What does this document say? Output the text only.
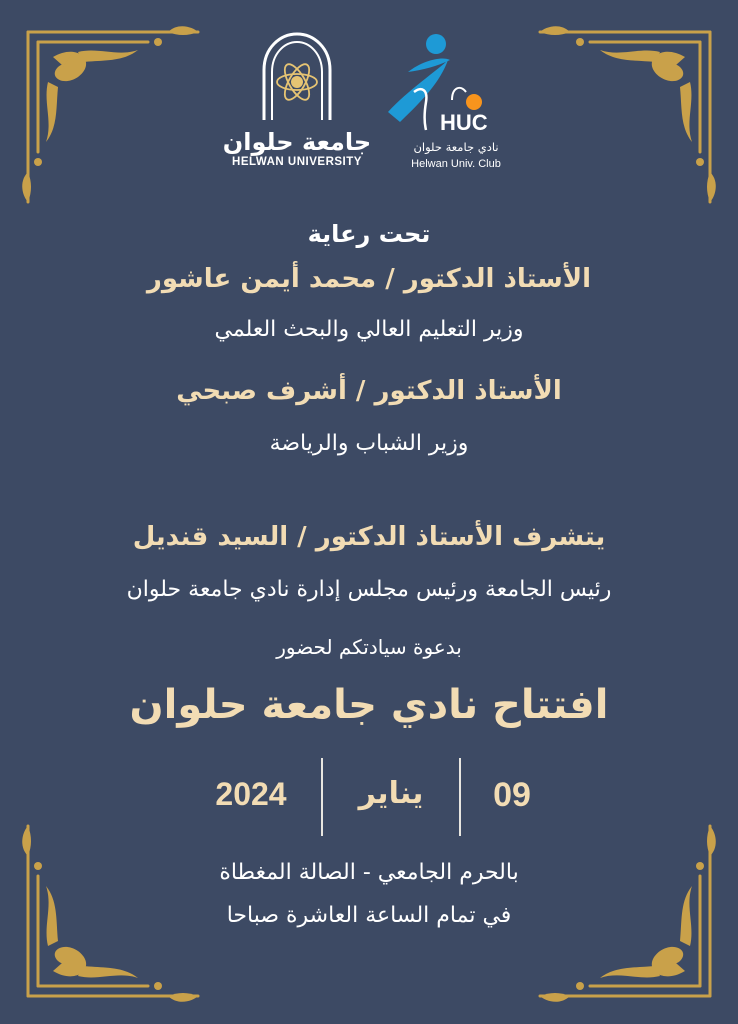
جامعة حلوان
HELWAN UNIVERSITY
HUC
نادي جامعة حلوان
Helwan Univ. Club
تحت رعاية
الأستاذ الدكتور / محمد أيمن عاشور
وزير التعليم العالي والبحث العلمي
الأستاذ الدكتور / أشرف صبحي
وزير الشباب والرياضة
يتشرف الأستاذ الدكتور / السيد قنديل
رئيس الجامعة ورئيس مجلس إدارة نادي جامعة حلوان
بدعوة سيادتكم لحضور
افتتاح نادي جامعة حلوان
09
يناير
2024
بالحرم الجامعي - الصالة المغطاة
في تمام الساعة العاشرة صباحا
